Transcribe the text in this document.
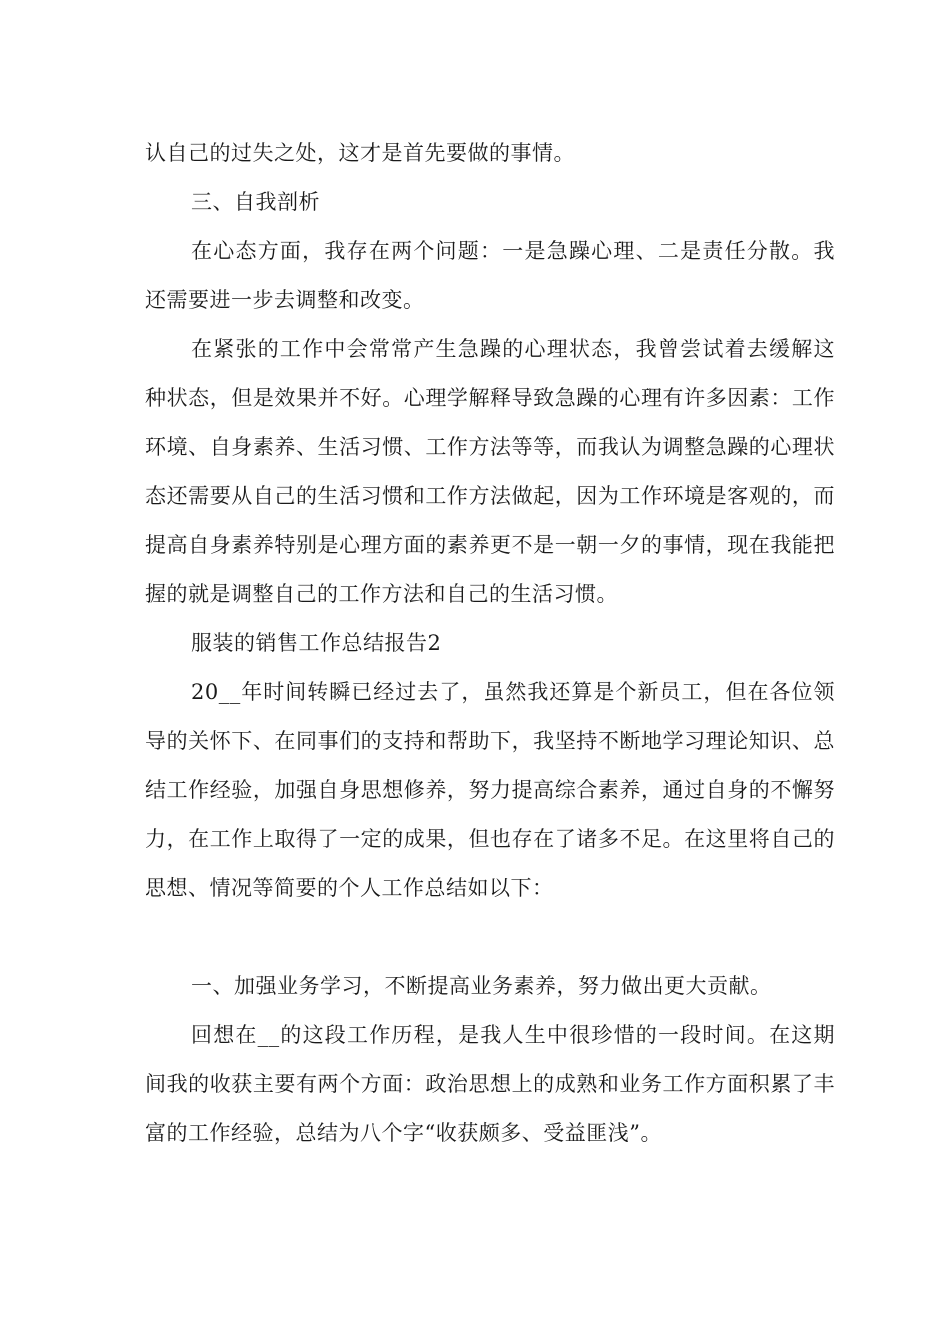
认自己的过失之处，这才是首先要做的事情。

三、自我剖析

在心态方面，我存在两个问题：一是急躁心理、二是责任分散。我还需要进一步去调整和改变。

在紧张的工作中会常常产生急躁的心理状态，我曾尝试着去缓解这种状态，但是效果并不好。心理学解释导致急躁的心理有许多因素：工作环境、自身素养、生活习惯、工作方法等等，而我认为调整急躁的心理状态还需要从自己的生活习惯和工作方法做起，因为工作环境是客观的，而提高自身素养特别是心理方面的素养更不是一朝一夕的事情，现在我能把握的就是调整自己的工作方法和自己的生活习惯。

服装的销售工作总结报告2

20__年时间转瞬已经过去了，虽然我还算是个新员工，但在各位领导的关怀下、在同事们的支持和帮助下，我坚持不断地学习理论知识、总结工作经验，加强自身思想修养，努力提高综合素养，通过自身的不懈努力，在工作上取得了一定的成果，但也存在了诸多不足。在这里将自己的思想、情况等简要的个人工作总结如以下：

一、加强业务学习，不断提高业务素养，努力做出更大贡献。

回想在__的这段工作历程，是我人生中很珍惜的一段时间。在这期间我的收获主要有两个方面：政治思想上的成熟和业务工作方面积累了丰富的工作经验，总结为八个字“收获颇多、受益匪浅”。
